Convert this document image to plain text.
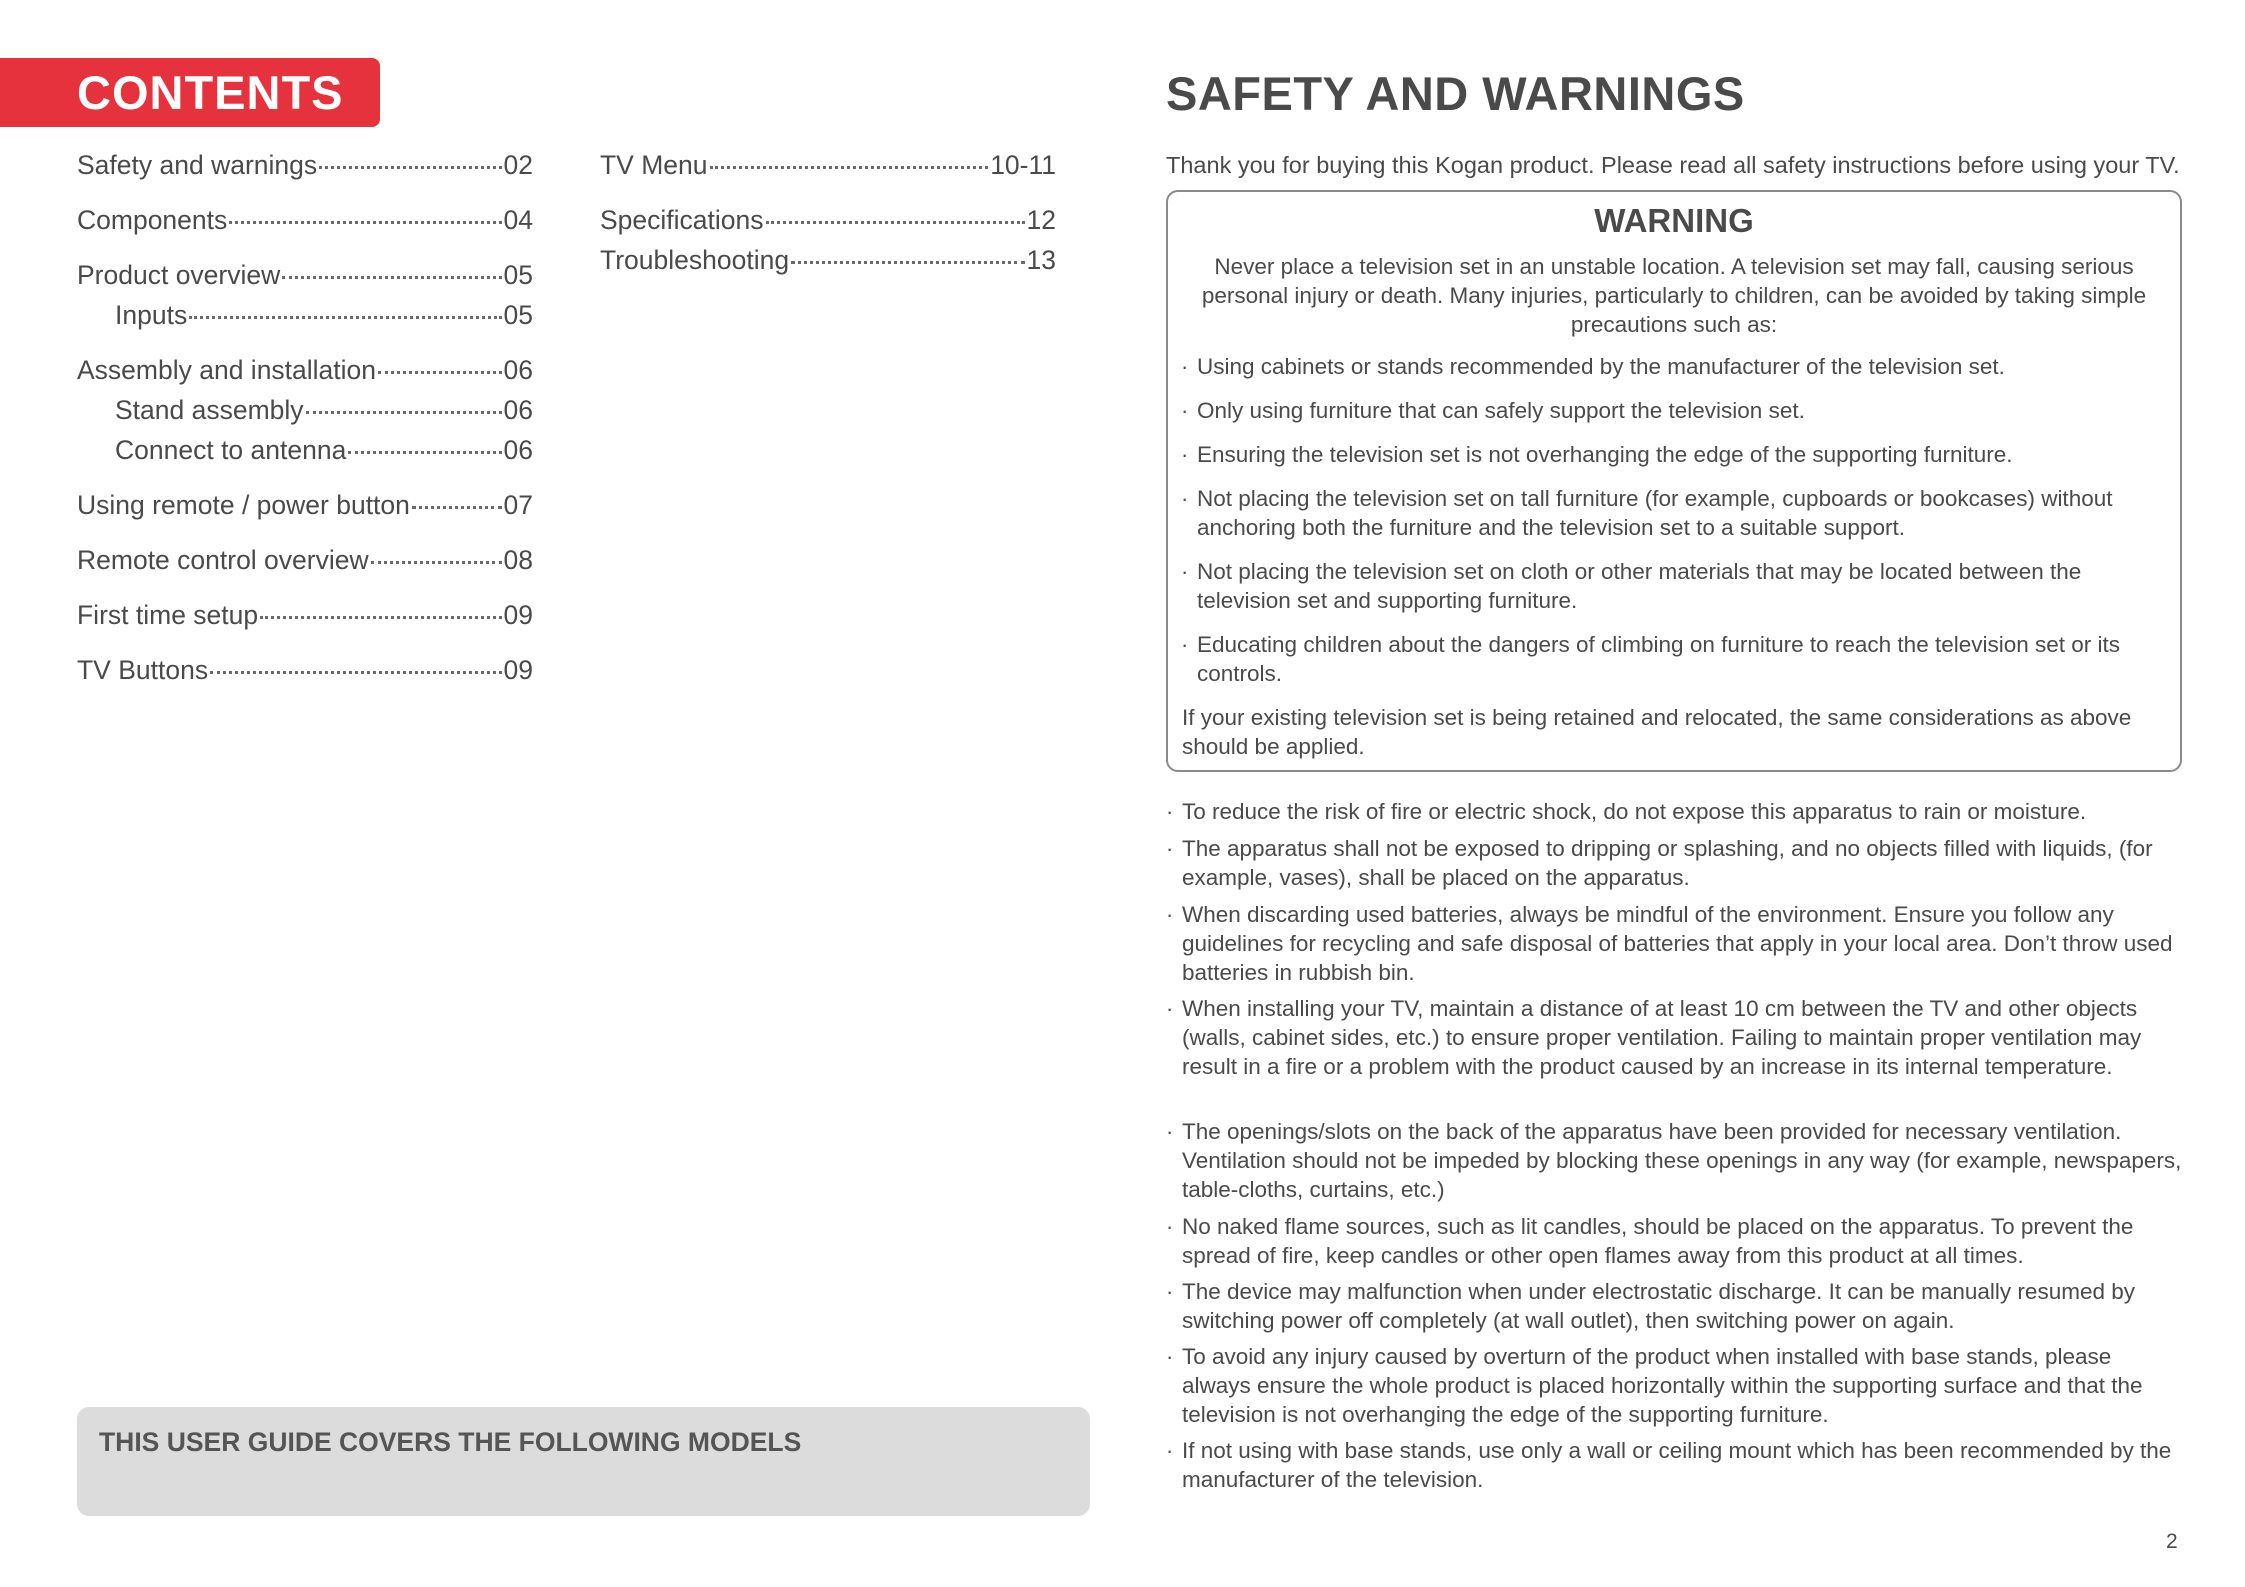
CONTENTS
Safety and warnings	02
Components	04
Product overview	05
Inputs	05
Assembly and installation	06
Stand assembly	06
Connect to antenna	06
Using remote / power button	07
Remote control overview	08
First time setup	09
TV Buttons	09
TV Menu	10-11
Specifications	12
Troubleshooting	13
THIS USER GUIDE COVERS THE FOLLOWING MODELS
SAFETY AND WARNINGS
Thank you for buying this Kogan product. Please read all safety instructions before using your TV.
WARNING
Never place a television set in an unstable location. A television set may fall, causing serious personal injury or death. Many injuries, particularly to children, can be avoided by taking simple precautions such as:
· Using cabinets or stands recommended by the manufacturer of the television set.
· Only using furniture that can safely support the television set.
· Ensuring the television set is not overhanging the edge of the supporting furniture.
· Not placing the television set on tall furniture (for example, cupboards or bookcases) without anchoring both the furniture and the television set to a suitable support.
· Not placing the television set on cloth or other materials that may be located between the television set and supporting furniture.
· Educating children about the dangers of climbing on furniture to reach the television set or its controls.
If your existing television set is being retained and relocated, the same considerations as above should be applied.
· To reduce the risk of fire or electric shock, do not expose this apparatus to rain or moisture.
· The apparatus shall not be exposed to dripping or splashing, and no objects filled with liquids, (for example, vases), shall be placed on the apparatus.
· When discarding used batteries, always be mindful of the environment. Ensure you follow any guidelines for recycling and safe disposal of batteries that apply in your local area. Don’t throw used batteries in rubbish bin.
· When installing your TV, maintain a distance of at least 10 cm between the TV and other objects (walls, cabinet sides, etc.) to ensure proper ventilation. Failing to maintain proper ventilation may result in a fire or a problem with the product caused by an increase in its internal temperature.
· The openings/slots on the back of the apparatus have been provided for necessary ventilation. Ventilation should not be impeded by blocking these openings in any way (for example, newspapers, table-cloths, curtains, etc.)
· No naked flame sources, such as lit candles, should be placed on the apparatus. To prevent the spread of fire, keep candles or other open flames away from this product at all times.
· The device may malfunction when under electrostatic discharge. It can be manually resumed by switching power off completely (at wall outlet), then switching power on again.
· To avoid any injury caused by overturn of the product when installed with base stands, please always ensure the whole product is placed horizontally within the supporting surface and that the television is not overhanging the edge of the supporting furniture.
· If not using with base stands, use only a wall or ceiling mount which has been recommended by the manufacturer of the television.
2
